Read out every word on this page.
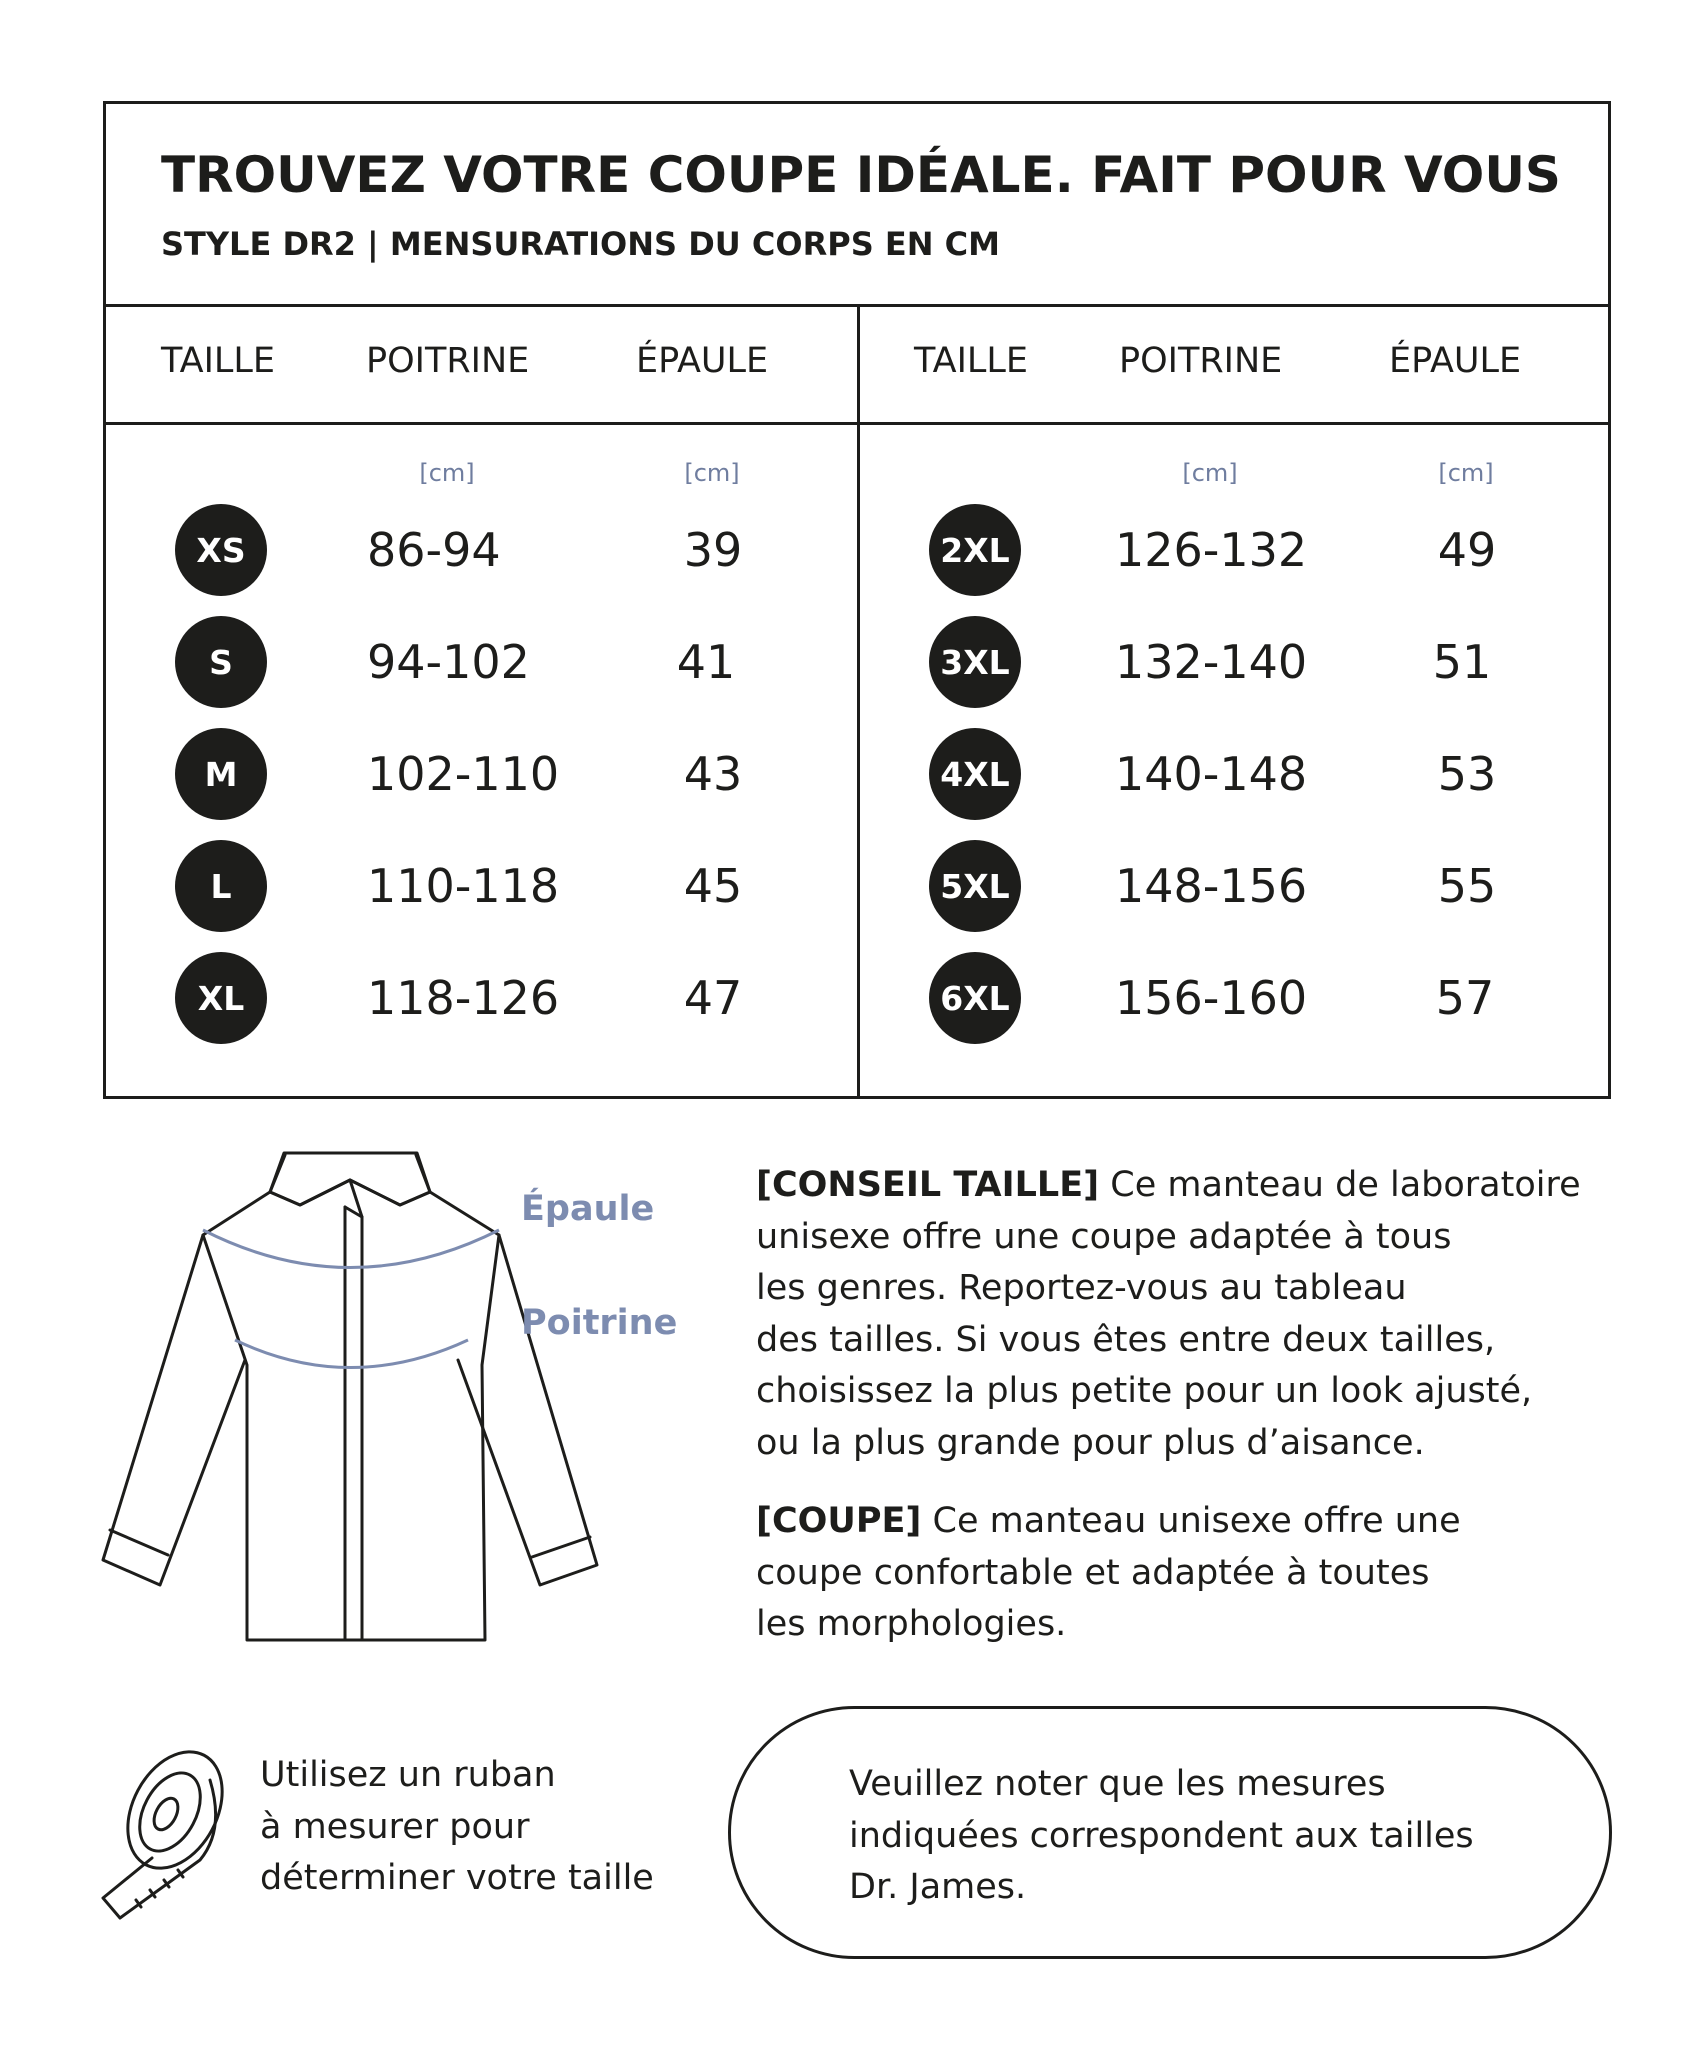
TROUVEZ VOTRE COUPE IDÉALE. FAIT POUR VOUS
STYLE DR2 | MENSURATIONS DU CORPS EN CM
TAILLE	POITRINE	ÉPAULE	TAILLE	POITRINE	ÉPAULE
[cm]	[cm]	[cm]	[cm]
XS	86-94	39
S	94-102	41
M	102-110	43
L	110-118	45
XL	118-126	47
2XL 126-132	49
3XL 132-140	51
4XL 140-148	53
5XL 148-156	55
6XL 156-160	57
Épaule
Poitrine

[CONSEIL TAILLE] Ce manteau de laboratoire
unisexe offre une coupe adaptée à tous
les genres. Reportez-vous au tableau
des tailles. Si vous êtes entre deux tailles,
choisissez la plus petite pour un look ajusté,
ou la plus grande pour plus d’aisance.

[COUPE] Ce manteau unisexe offre une
coupe confortable et adaptée à toutes
les morphologies.

Utilisez un ruban
à mesurer pour
déterminer votre taille
Veuillez noter que les mesures
indiquées correspondent aux tailles
Dr. James.
